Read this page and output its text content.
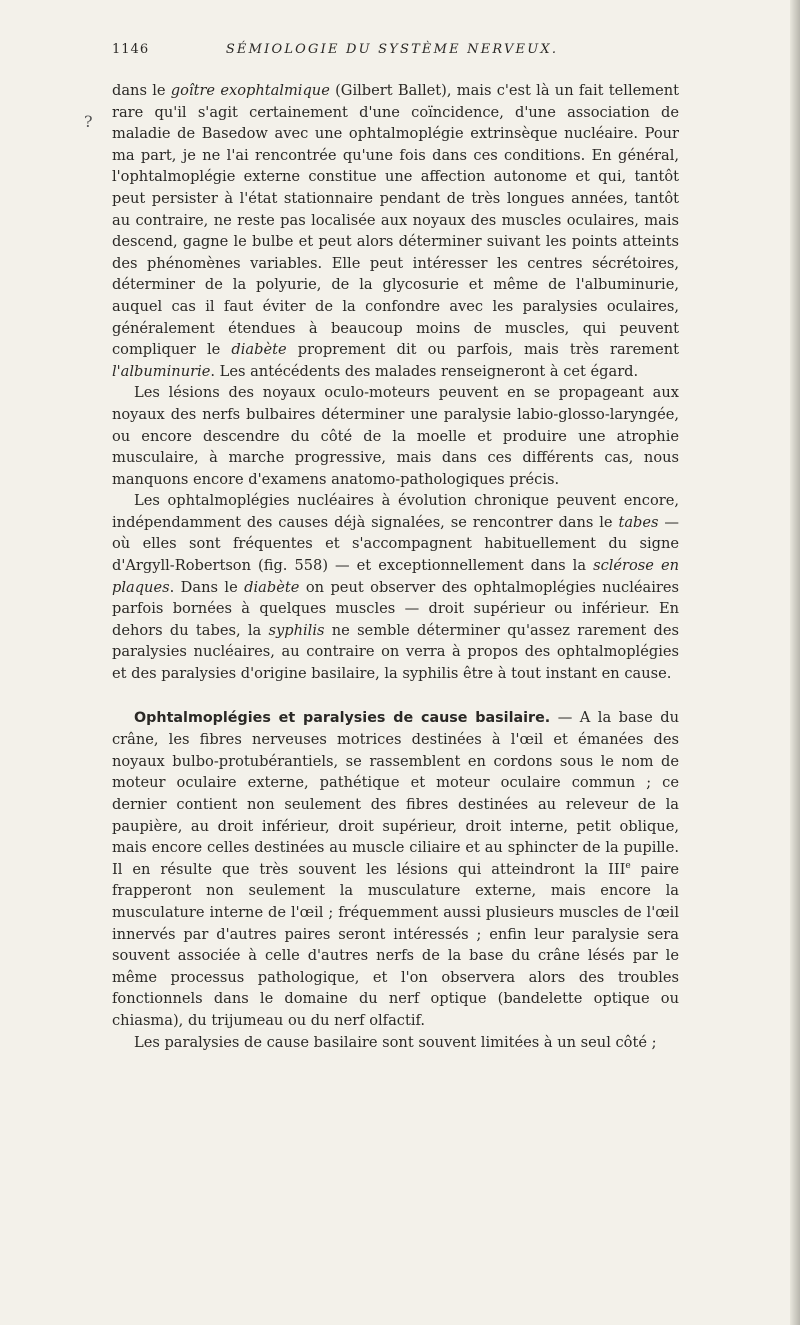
1146	SÉMIOLOGIE DU SYSTÈME NERVEUX.
?

dans le goître exophtalmique (Gilbert Ballet), mais c'est là un fait tellement rare qu'il s'agit certainement d'une coïncidence, d'une association de maladie de Basedow avec une ophtalmoplégie extrinsèque nucléaire. Pour ma part, je ne l'ai rencontrée qu'une fois dans ces conditions. En général, l'ophtalmoplégie externe constitue une affection autonome et qui, tantôt peut persister à l'état stationnaire pendant de très longues années, tantôt au contraire, ne reste pas localisée aux noyaux des muscles oculaires, mais descend, gagne le bulbe et peut alors déterminer suivant les points atteints des phénomènes variables. Elle peut intéresser les centres sécrétoires, déterminer de la polyurie, de la glycosurie et même de l'albuminurie, auquel cas il faut éviter de la confondre avec les paralysies oculaires, généralement étendues à beaucoup moins de muscles, qui peuvent compliquer le diabète proprement dit ou parfois, mais très rarement l'albuminurie. Les antécédents des malades renseigneront à cet égard.

Les lésions des noyaux oculo-moteurs peuvent en se propageant aux noyaux des nerfs bulbaires déterminer une paralysie labio-glosso-laryngée, ou encore descendre du côté de la moelle et produire une atrophie musculaire, à marche progressive, mais dans ces différents cas, nous manquons encore d'examens anatomo-pathologiques précis.

Les ophtalmoplégies nucléaires à évolution chronique peuvent encore, indépendamment des causes déjà signalées, se rencontrer dans le tabes — où elles sont fréquentes et s'accompagnent habituellement du signe d'Argyll-Robertson (fig. 558) — et exceptionnellement dans la sclérose en plaques. Dans le diabète on peut observer des ophtalmoplégies nucléaires parfois bornées à quelques muscles — droit supérieur ou inférieur. En dehors du tabes, la syphilis ne semble déterminer qu'assez rarement des paralysies nucléaires, au contraire on verra à propos des ophtalmoplégies et des paralysies d'origine basilaire, la syphilis être à tout instant en cause.

Ophtalmoplégies et paralysies de cause basilaire. — A la base du crâne, les fibres nerveuses motrices destinées à l'œil et émanées des noyaux bulbo-protubérantiels, se rassemblent en cordons sous le nom de moteur oculaire externe, pathétique et moteur oculaire commun ; ce dernier contient non seulement des fibres destinées au releveur de la paupière, au droit inférieur, droit supérieur, droit interne, petit oblique, mais encore celles destinées au muscle ciliaire et au sphincter de la pupille. Il en résulte que très souvent les lésions qui atteindront la IIIe paire frapperont non seulement la musculature externe, mais encore la musculature interne de l'œil ; fréquemment aussi plusieurs muscles de l'œil innervés par d'autres paires seront intéressés ; enfin leur paralysie sera souvent associée à celle d'autres nerfs de la base du crâne lésés par le même processus pathologique, et l'on observera alors des troubles fonctionnels dans le domaine du nerf optique (bandelette optique ou chiasma), du trijumeau ou du nerf olfactif.

Les paralysies de cause basilaire sont souvent limitées à un seul côté ;
